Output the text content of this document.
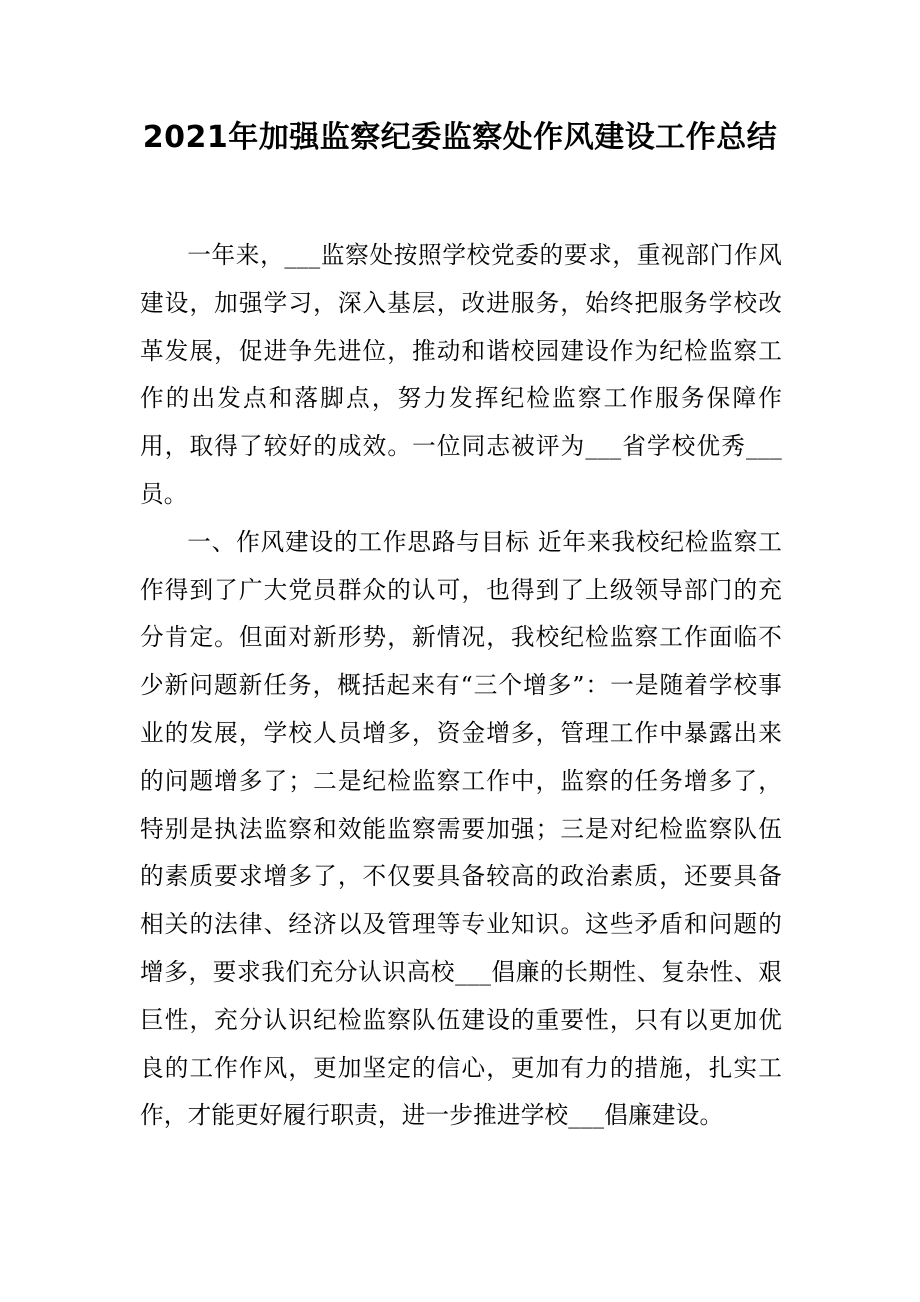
2021年加强监察纪委监察处作风建设工作总结

一年来，___监察处按照学校党委的要求，重视部门作风建设，加强学习，深入基层，改进服务，始终把服务学校改革发展，促进争先进位，推动和谐校园建设作为纪检监察工作的出发点和落脚点，努力发挥纪检监察工作服务保障作用，取得了较好的成效。一位同志被评为___省学校优秀___员。

一、作风建设的工作思路与目标 近年来我校纪检监察工作得到了广大党员群众的认可，也得到了上级领导部门的充分肯定。但面对新形势，新情况，我校纪检监察工作面临不少新问题新任务，概括起来有“三个增多”：一是随着学校事业的发展，学校人员增多，资金增多，管理工作中暴露出来的问题增多了；二是纪检监察工作中，监察的任务增多了，特别是执法监察和效能监察需要加强；三是对纪检监察队伍的素质要求增多了，不仅要具备较高的政治素质，还要具备相关的法律、经济以及管理等专业知识。这些矛盾和问题的增多，要求我们充分认识高校___倡廉的长期性、复杂性、艰巨性，充分认识纪检监察队伍建设的重要性，只有以更加优良的工作作风，更加坚定的信心，更加有力的措施，扎实工作，才能更好履行职责，进一步推进学校___倡廉建设。
